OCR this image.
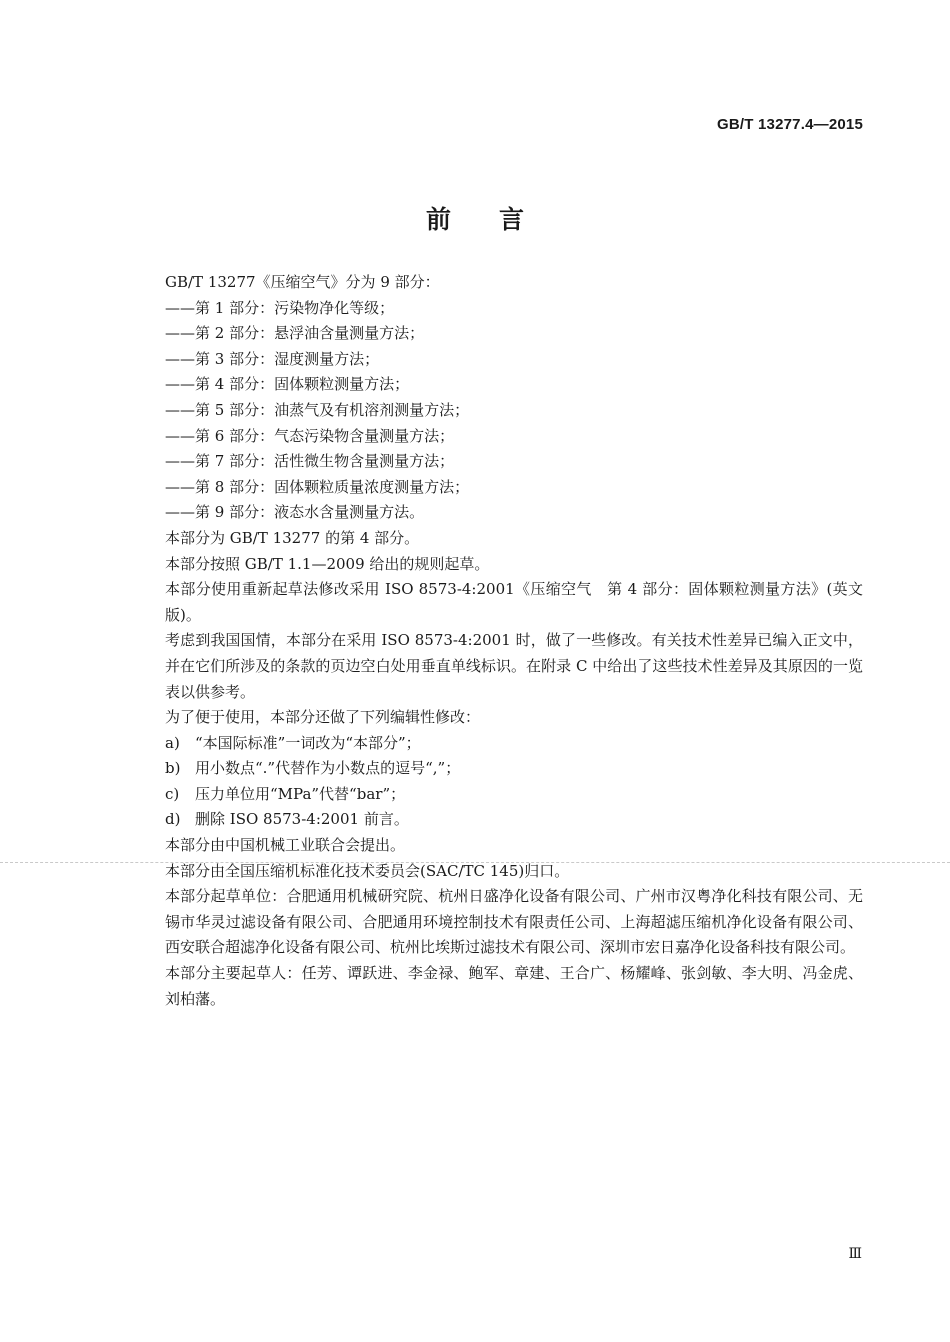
GB/T 13277.4—2015
前言

GB/T 13277《压缩空气》分为 9 部分：

——第 1 部分：污染物净化等级；

——第 2 部分：悬浮油含量测量方法；

——第 3 部分：湿度测量方法；

——第 4 部分：固体颗粒测量方法；

——第 5 部分：油蒸气及有机溶剂测量方法；

——第 6 部分：气态污染物含量测量方法；

——第 7 部分：活性微生物含量测量方法；

——第 8 部分：固体颗粒质量浓度测量方法；

——第 9 部分：液态水含量测量方法。

本部分为 GB/T 13277 的第 4 部分。

本部分按照 GB/T 1.1—2009 给出的规则起草。

本部分使用重新起草法修改采用 ISO 8573-4:2001《压缩空气　第 4 部分：固体颗粒测量方法》(英文版)。

考虑到我国国情，本部分在采用 ISO 8573-4:2001 时，做了一些修改。有关技术性差异已编入正文中，并在它们所涉及的条款的页边空白处用垂直单线标识。在附录 C 中给出了这些技术性差异及其原因的一览表以供参考。

为了便于使用，本部分还做了下列编辑性修改：

a) “本国际标准”一词改为“本部分”；

b) 用小数点“.”代替作为小数点的逗号“,”；

c) 压力单位用“MPa”代替“bar”；

d) 删除 ISO 8573-4:2001 前言。

本部分由中国机械工业联合会提出。

本部分由全国压缩机标准化技术委员会(SAC/TC 145)归口。

本部分起草单位：合肥通用机械研究院、杭州日盛净化设备有限公司、广州市汉粤净化科技有限公司、无锡市华灵过滤设备有限公司、合肥通用环境控制技术有限责任公司、上海超滤压缩机净化设备有限公司、西安联合超滤净化设备有限公司、杭州比埃斯过滤技术有限公司、深圳市宏日嘉净化设备科技有限公司。

本部分主要起草人：任芳、谭跃进、李金禄、鲍军、章建、王合广、杨耀峰、张剑敏、李大明、冯金虎、刘柏藩。

Ⅲ
